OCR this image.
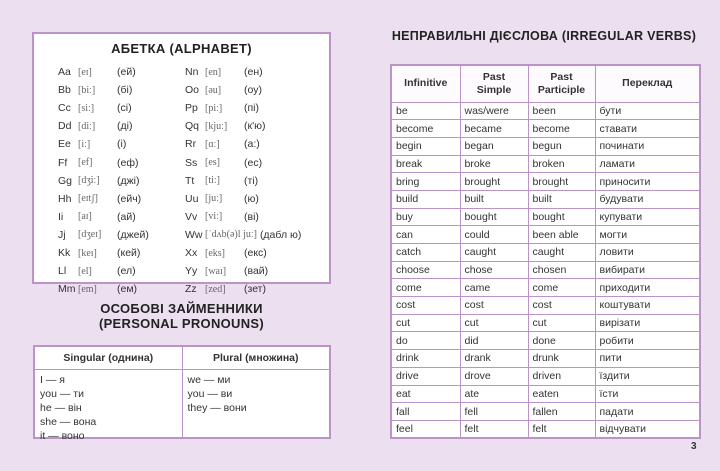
АБЕТКА (ALPHABET)
Aa [eɪ]	(ей)
Bb [biː]	(бі)
Cc [siː]	(сі)
Dd [diː]	(ді)
Ee [iː]	(і)
Ff	[ef]	(еф)
Gg [dʒiː]	(джі)
Hh [eɪtʃ]	(ейч)
Ii	[aɪ]	(ай)
Jj	[dʒeɪ]	(джей)
Kk [keɪ]	(кей)
Ll	[el]	(ел)
Mm [em]	(ем)
Nn [en]	(ен)
Oo [əu]	(оу)
Pp [piː]	(пі)
Qq [kjuː]	(к'ю)
Rr [ɑː]	(а:)
Ss [es]	(ес)
Tt	[tiː]	(ті)
Uu [juː]	(ю)
Vv [viː]	(ві)
Ww [ˈdʌb(ə)l juː] (дабл ю)
Xx [eks]	(екс)
Yy [waɪ]	(вай)
Zz [zed]	(зет)
ОСОБОВІ ЗАЙМЕННИКИ
(PERSONAL PRONOUNS)
Singular (однина)
I — я
you — ти
he — він
she — вона
it — воно
Plural (множина)
we — ми
you — ви
they — вони
НЕПРАВИЛЬНІ ДІЄСЛОВА (IRREGULAR VERBS)
Infinitive	Past Simple	Past Participle	Переклад
be	was/were	been	бути
become	became	become	ставати
begin	began	begun	починати
break	broke	broken	ламати
bring	brought	brought	приносити
build	built	built	будувати
buy	bought	bought	купувати
can	could	been able	могти
catch	caught	caught	ловити
choose	chose	chosen	вибирати
come	came	come	приходити
cost	cost	cost	коштувати
cut	cut	cut	вирізати
do	did	done	робити
drink	drank	drunk	пити
drive	drove	driven	їздити
eat	ate	eaten	їсти
fall	fell	fallen	падати
feel	felt	felt	відчувати
3
